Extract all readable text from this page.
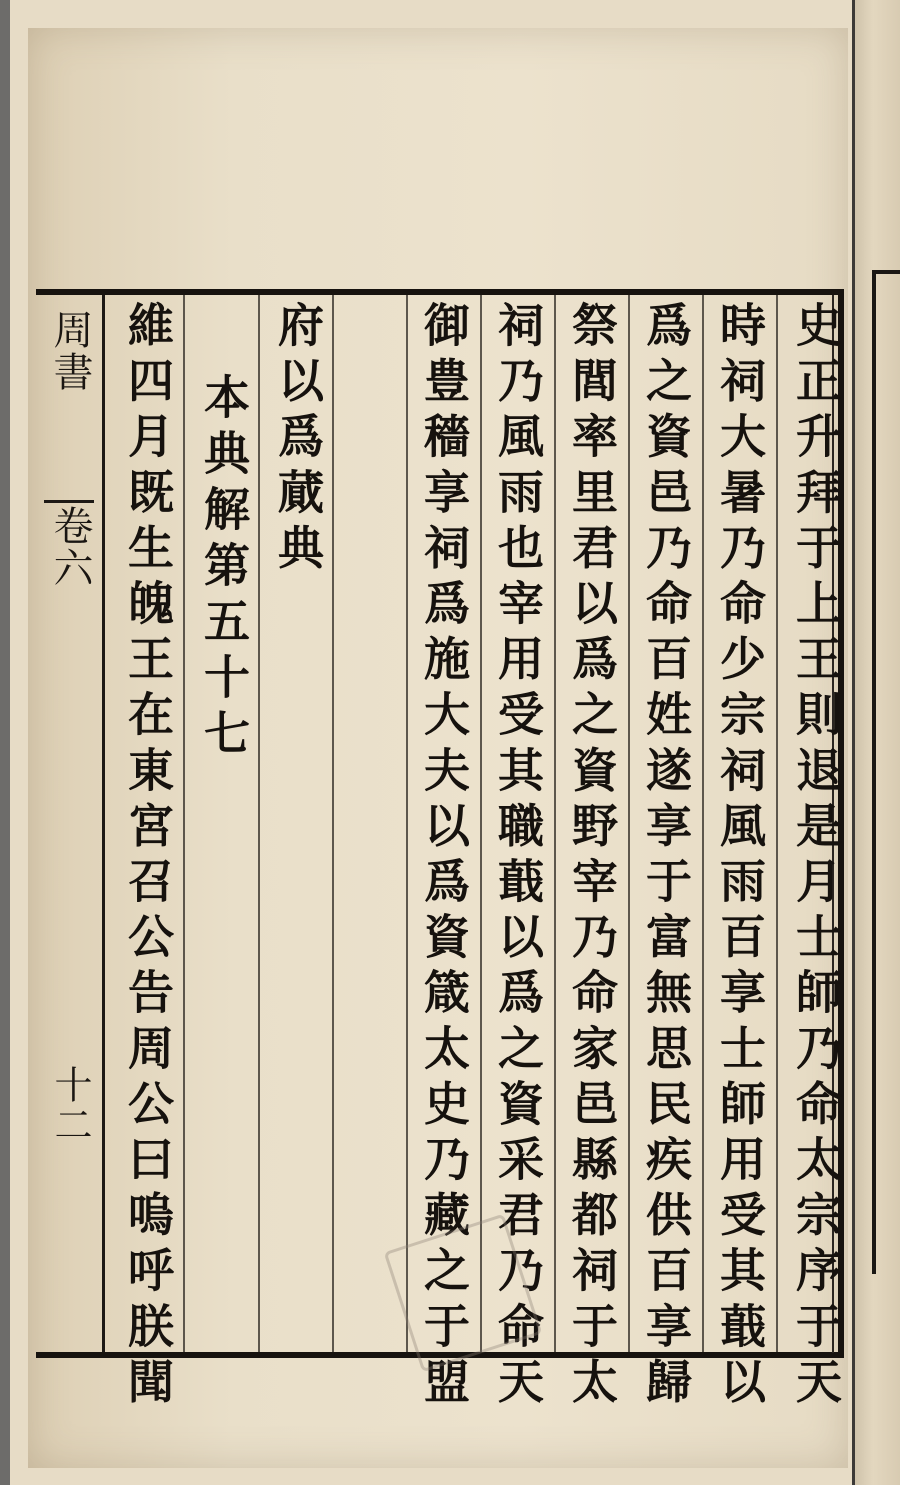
周書
卷六
十二	史正升拜于上王則退是月士師乃命太宗序于天
時祠大暑乃命少宗祠風雨百享士師用受其蕺以
爲之資邑乃命百姓遂享于富無思民疾供百享歸
祭閭率里君以爲之資野宰乃命家邑縣都祠于太
祠乃風雨也宰用受其職蕺以爲之資采君乃命天
御豊穡享祠爲施大夫以爲資箴太史乃藏之于盟
府以爲蕆典
本典解第五十七
維四月既生魄王在東宮召公告周公曰嗚呼朕聞
